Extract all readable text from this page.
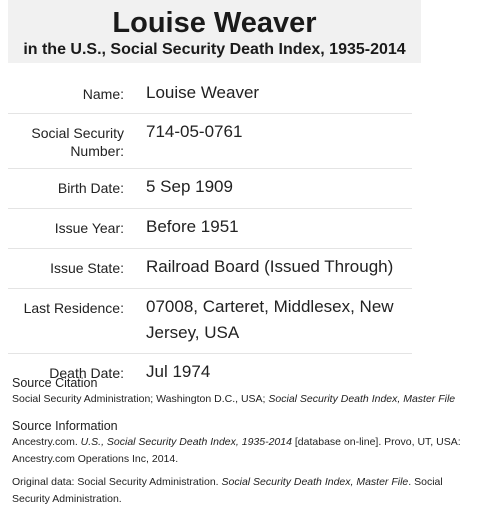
Louise Weaver
in the U.S., Social Security Death Index, 1935-2014
Name:	Louise Weaver
Social Security Number:	714-05-0761
Birth Date:	5 Sep 1909
Issue Year:	Before 1951
Issue State:	Railroad Board (Issued Through)
Last Residence:	07008, Carteret, Middlesex, New Jersey, USA
Death Date:	Jul 1974
Source Citation
Social Security Administration; Washington D.C., USA; Social Security Death Index, Master File
Source Information
Ancestry.com. U.S., Social Security Death Index, 1935-2014 [database on-line]. Provo, UT, USA: Ancestry.com Operations Inc, 2014.
Original data: Social Security Administration. Social Security Death Index, Master File. Social Security Administration.
